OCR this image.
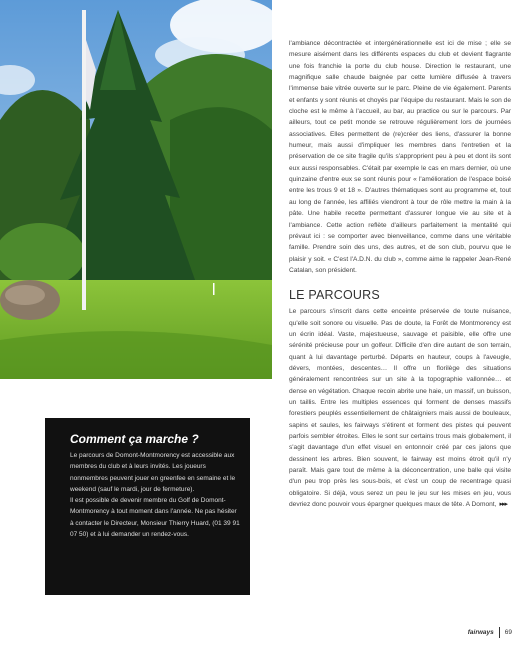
l'ambiance décontractée et intergénérationnelle est ici de mise ; elle se mesure aisément dans les différents espaces du club et devient flagrante une fois franchie la porte du club house. Direction le restaurant, une magnifique salle chaude baignée par cette lumière diffusée à travers l'immense baie vitrée ouverte sur le parc. Pleine de vie également. Parents et enfants y sont réunis et choyés par l'équipe du restaurant. Mais le son de cloche est le même à l'accueil, au bar, au practice ou sur le parcours. Par ailleurs, tout ce petit monde se retrouve régulièrement lors de journées associatives. Elles permettent de (re)créer des liens, d'assurer la bonne humeur, mais aussi d'impliquer les membres dans l'entretien et la préservation de ce site fragile qu'ils s'approprient peu à peu et dont ils sont eux aussi responsables. C'était par exemple le cas en mars dernier, où une quinzaine d'entre eux se sont réunis pour « l'amélioration de l'espace boisé entre les trous 9 et 18 ». D'autres thématiques sont au programme et, tout au long de l'année, les affiliés viendront à tour de rôle mettre la main à la pâte. Une habile recette permettant d'assurer longue vie au site et à l'ambiance. Cette action reflète d'ailleurs parfaitement la mentalité qui prévaut ici : se comporter avec bienveillance, comme dans une véritable famille. Prendre soin des uns, des autres, et de son club, pourvu que le plaisir y soit. « C'est l'A.D.N. du club », comme aime le rappeler Jean-René Catalan, son président.

LE PARCOURS

Le parcours s'inscrit dans cette enceinte préservée de toute nuisance, qu'elle soit sonore ou visuelle. Pas de doute, la Forêt de Montmorency est un écrin idéal. Vaste, majestueuse, sauvage et paisible, elle offre une sérénité précieuse pour un golfeur. Difficile d'en dire autant de son terrain, quant à lui davantage perturbé. Départs en hauteur, coups à l'aveugle, dévers, montées, descentes… Il offre un florilège des situations généralement rencontrées sur un site à la topographie vallonnée… et dense en végétation. Chaque recoin abrite une haie, un massif, un buisson, un taillis. Entre les multiples essences qui forment de denses massifs forestiers peuplés essentiellement de châtaigniers mais aussi de bouleaux, sapins et saules, les fairways s'étirent et forment des pistes qui peuvent parfois sembler étroites. Elles le sont sur certains trous mais globalement, il s'agit davantage d'un effet visuel en entonnoir créé par ces jalons que dessinent les arbres. Bien souvent, le fairway est moins étroit qu'il n'y paraît. Mais gare tout de même à la déconcentration, une balle qui visite d'un peu trop près les sous-bois, et c'est un coup de recentrage quasi obligatoire. Si déjà, vous serez un peu le jeu sur les mises en jeu, vous devriez donc pouvoir vous épargner quelques maux de tête. A Domont, ▸▸▸

Comment ça marche ?

Le parcours de Domont-Montmorency est accessible aux membres du club et à leurs invités. Les joueurs nonmembres peuvent jouer en greenfee en semaine et le weekend (sauf le mardi, jour de fermeture).

Il est possible de devenir membre du Golf de Domont-Montmorency à tout moment dans l'année. Ne pas hésiter à contacter le Directeur, Monsieur Thierry Huard, (01 39 91 07 50) et à lui demander un rendez-vous.

fairways 69
